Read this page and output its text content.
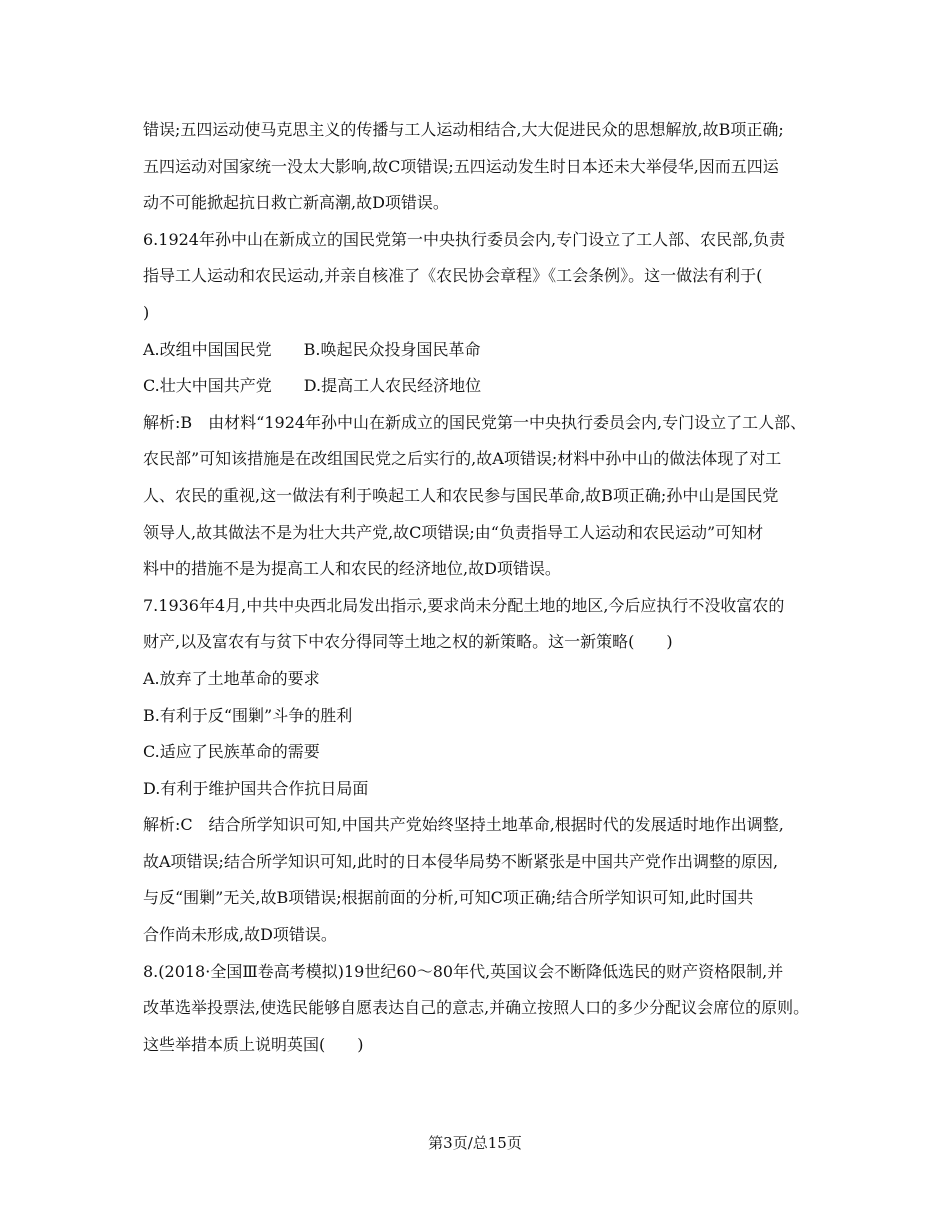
错误;五四运动使马克思主义的传播与工人运动相结合,大大促进民众的思想解放,故B项正确;
五四运动对国家统一没太大影响,故C项错误;五四运动发生时日本还未大举侵华,因而五四运
动不可能掀起抗日救亡新高潮,故D项错误。
6.1924年孙中山在新成立的国民党第一中央执行委员会内,专门设立了工人部、农民部,负责
指导工人运动和农民运动,并亲自核准了《农民协会章程》《工会条例》。这一做法有利于(
)
A.改组中国国民党　　B.唤起民众投身国民革命
C.壮大中国共产党　　D.提高工人农民经济地位
解析:B　由材料“1924年孙中山在新成立的国民党第一中央执行委员会内,专门设立了工人部、
农民部”可知该措施是在改组国民党之后实行的,故A项错误;材料中孙中山的做法体现了对工
人、农民的重视,这一做法有利于唤起工人和农民参与国民革命,故B项正确;孙中山是国民党
领导人,故其做法不是为壮大共产党,故C项错误;由“负责指导工人运动和农民运动”可知材
料中的措施不是为提高工人和农民的经济地位,故D项错误。
7.1936年4月,中共中央西北局发出指示,要求尚未分配土地的地区,今后应执行不没收富农的
财产,以及富农有与贫下中农分得同等土地之权的新策略。这一新策略(　　)
A.放弃了土地革命的要求
B.有利于反“围剿”斗争的胜利
C.适应了民族革命的需要
D.有利于维护国共合作抗日局面
解析:C　结合所学知识可知,中国共产党始终坚持土地革命,根据时代的发展适时地作出调整,
故A项错误;结合所学知识可知,此时的日本侵华局势不断紧张是中国共产党作出调整的原因,
与反“围剿”无关,故B项错误;根据前面的分析,可知C项正确;结合所学知识可知,此时国共
合作尚未形成,故D项错误。
8.(2018·全国Ⅲ卷高考模拟)19世纪60～80年代,英国议会不断降低选民的财产资格限制,并
改革选举投票法,使选民能够自愿表达自己的意志,并确立按照人口的多少分配议会席位的原则。
这些举措本质上说明英国(　　)
第3页/总15页
